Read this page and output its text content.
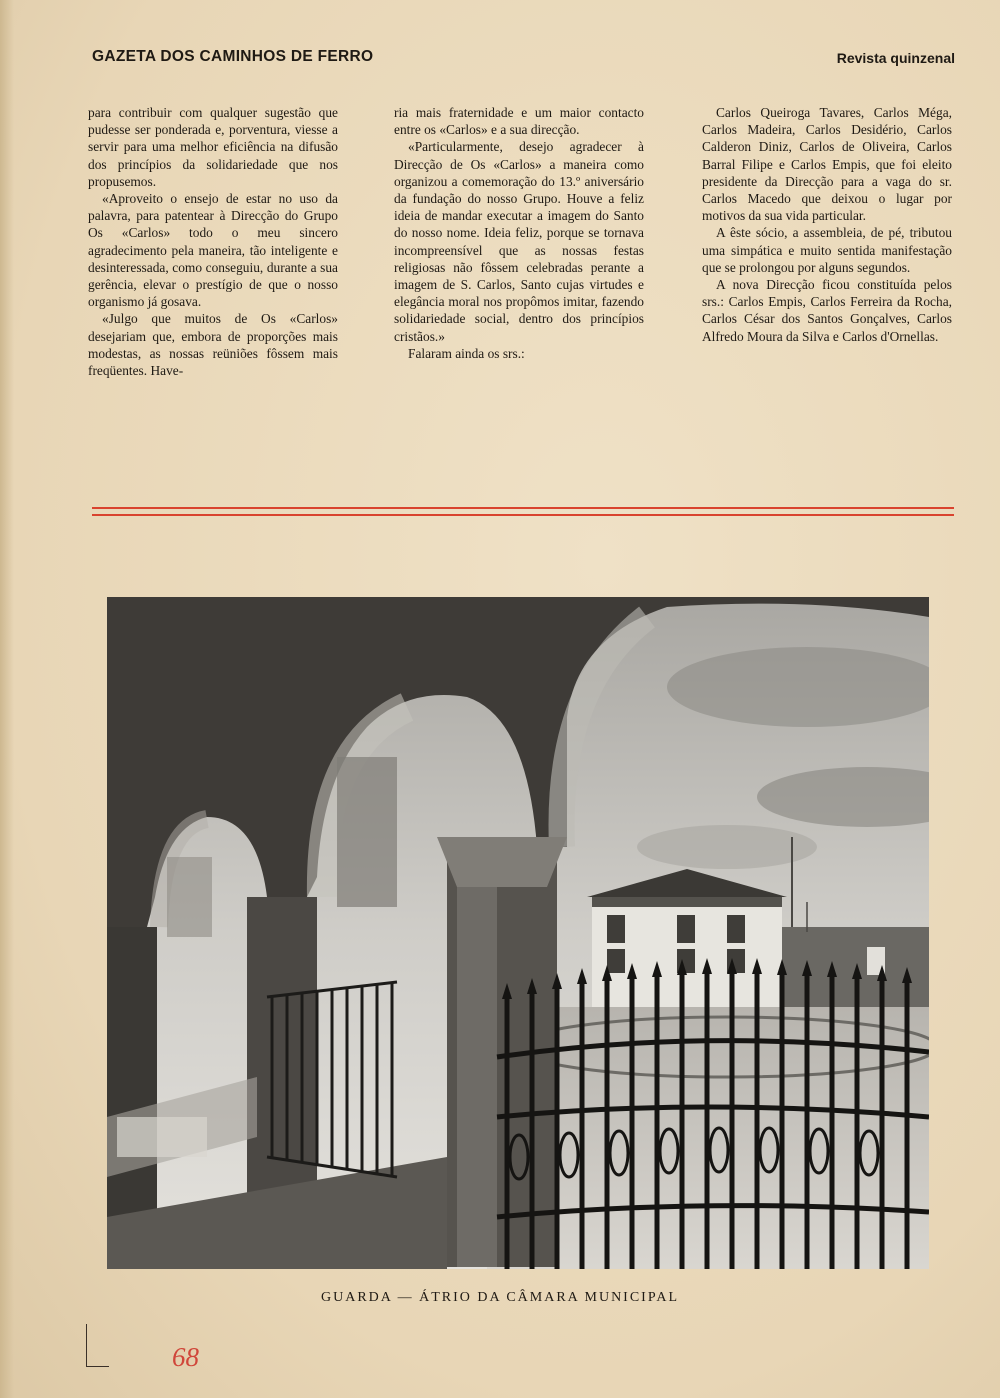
GAZETA DOS CAMINHOS DE FERRO	Revista quinzenal

para contribuir com qualquer sugestão que pudesse ser ponderada e, porventura, viesse a servir para uma melhor eficiência na difusão dos princípios da solidariedade que nos propusemos.

«Aproveito o ensejo de estar no uso da palavra, para patentear à Direcção do Grupo Os «Carlos» todo o meu sincero agradecimento pela maneira, tão inteligente e desinteressada, como conseguiu, durante a sua gerência, elevar o prestígio de que o nosso organismo já gosava.

«Julgo que muitos de Os «Carlos» desejariam que, embora de proporções mais modestas, as nossas reüniões fôssem mais freqüentes. Have-

ria mais fraternidade e um maior contacto entre os «Carlos» e a sua direcção.

«Particularmente, desejo agradecer à Direcção de Os «Carlos» a maneira como organizou a comemoração do 13.º aniversário da fundação do nosso Grupo. Houve a feliz ideia de mandar executar a imagem do Santo do nosso nome. Ideia feliz, porque se tornava incompreensível que as nossas festas religiosas não fôssem celebradas perante a imagem de S. Carlos, Santo cujas virtudes e elegância moral nos propômos imitar, fazendo solidariedade social, dentro dos princípios cristãos.»

Falaram ainda os srs.:

Carlos Queiroga Tavares, Carlos Méga, Carlos Madeira, Carlos Desidério, Carlos Calderon Diniz, Carlos de Oliveira, Carlos Barral Filipe e Carlos Empis, que foi eleito presidente da Direcção para a vaga do sr. Carlos Macedo que deixou o lugar por motivos da sua vida particular.

A êste sócio, a assembleia, de pé, tributou uma simpática e muito sentida manifestação que se prolongou por alguns segundos.

A nova Direcção ficou constituída pelos srs.: Carlos Empis, Carlos Ferreira da Rocha, Carlos César dos Santos Gonçalves, Carlos Alfredo Moura da Silva e Carlos d'Ornellas.

GUARDA — ÁTRIO DA CÂMARA MUNICIPAL
68
